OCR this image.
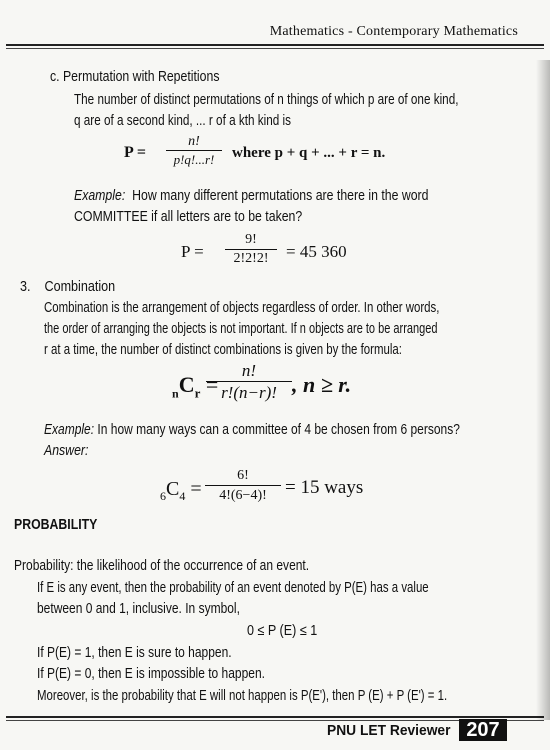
Mathematics - Contemporary Mathematics
c. Permutation with Repetitions
The number of distinct permutations of n things of which p are of one kind,
q are of a second kind, ... r of a kth kind is
P =
n!
p!q!...r!	where p + q + ... + r = n.
Example: How many different permutations are there in the word
COMMITTEE if all letters are to be taken?
P =
9!
2!2!2!	= 45 360
3. Combination
Combination is the arrangement of objects regardless of order. In other words,
the order of arranging the objects is not important. If n objects are to be arranged
r at a time, the number of distinct combinations is given by the formula:
$_nC_r$ =
n!
r!(n−r)! , n ≥ r.
Example: In how many ways can a committee of 4 be chosen from 6 persons?
Answer:
$_6C_4$ =
6!
4!(6−4)! = 15 ways
PROBABILITY
Probability: the likelihood of the occurrence of an event.
If E is any event, then the probability of an event denoted by P(E) has a value
between 0 and 1, inclusive. In symbol,
0 ≤ P (E) ≤ 1
If P(E) = 1, then E is sure to happen.
If P(E) = 0, then E is impossible to happen.
Moreover, is the probability that E will not happen is P(E'), then P (E) + P (E') = 1.
PNU LET Reviewer 207
